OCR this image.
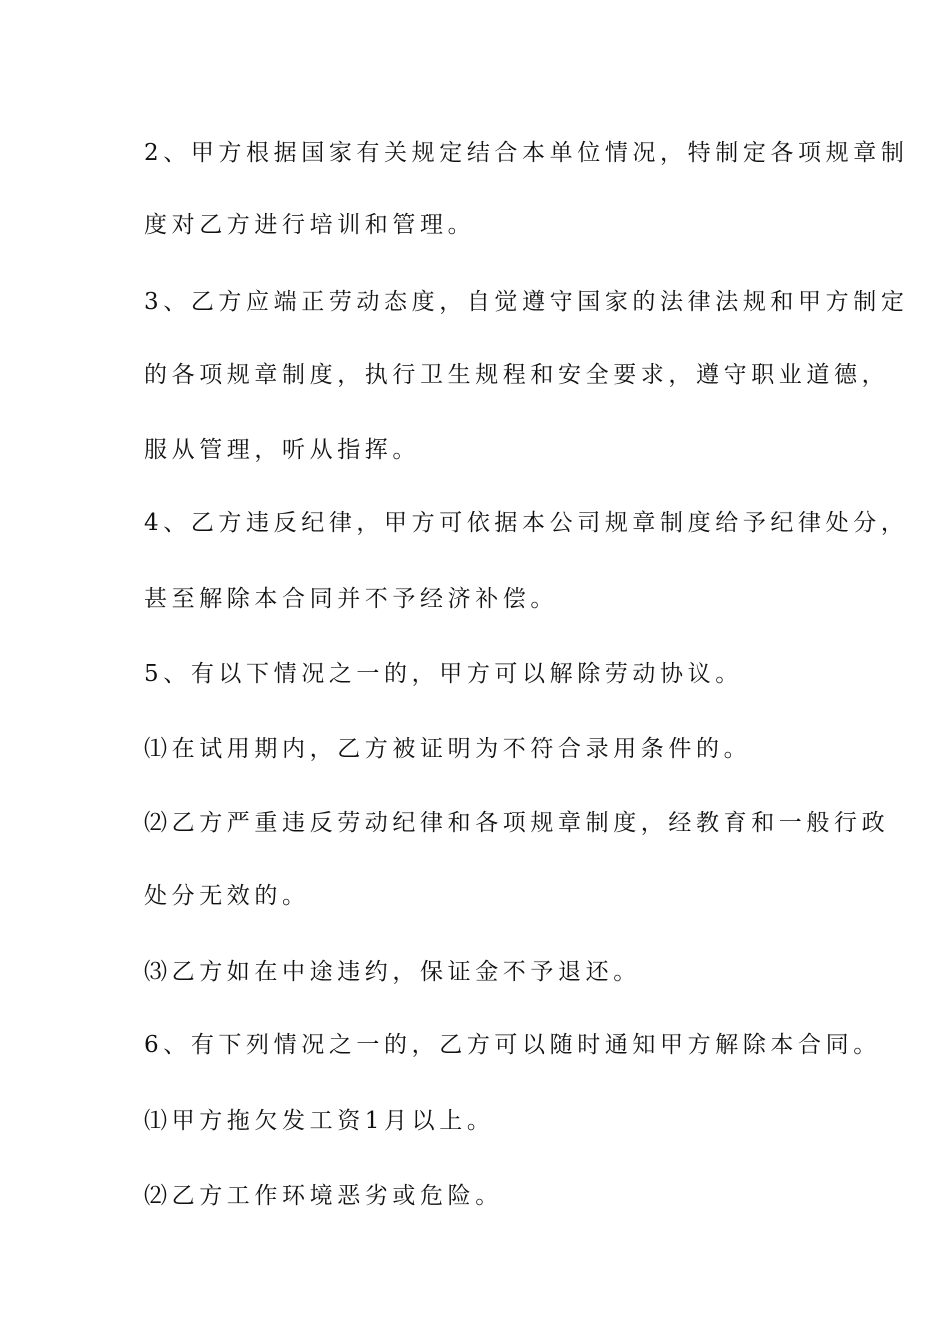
2、甲方根据国家有关规定结合本单位情况，特制定各项规章制
度对乙方进行培训和管理。
3、乙方应端正劳动态度，自觉遵守国家的法律法规和甲方制定
的各项规章制度，执行卫生规程和安全要求，遵守职业道德，
服从管理，听从指挥。
4、乙方违反纪律，甲方可依据本公司规章制度给予纪律处分，
甚至解除本合同并不予经济补偿。
5、有以下情况之一的，甲方可以解除劳动协议。
⑴在试用期内，乙方被证明为不符合录用条件的。
⑵乙方严重违反劳动纪律和各项规章制度，经教育和一般行政
处分无效的。
⑶乙方如在中途违约，保证金不予退还。
6、有下列情况之一的，乙方可以随时通知甲方解除本合同。
⑴甲方拖欠发工资1月以上。
⑵乙方工作环境恶劣或危险。
